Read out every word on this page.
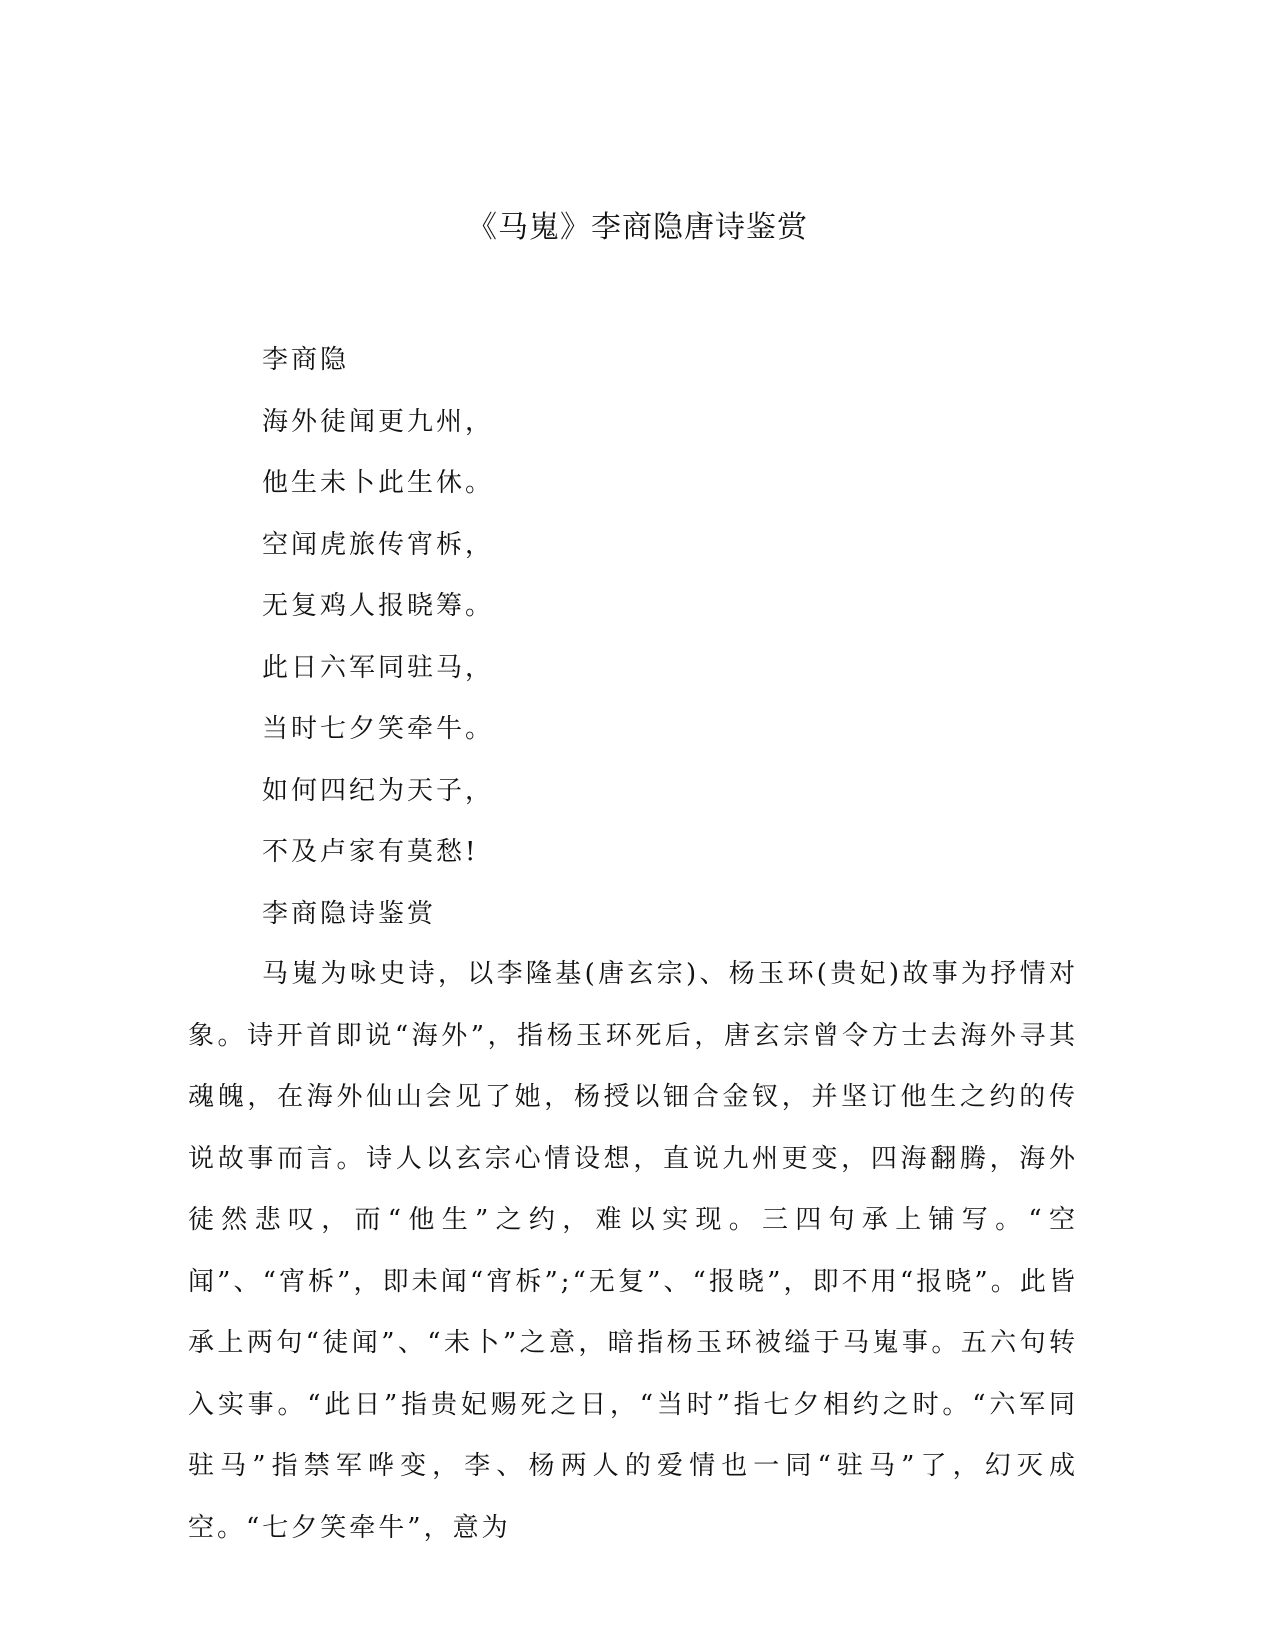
《马嵬》李商隐唐诗鉴赏
李商隐
海外徒闻更九州，
他生未卜此生休。
空闻虎旅传宵柝，
无复鸡人报晓筹。
此日六军同驻马，
当时七夕笑牵牛。
如何四纪为天子，
不及卢家有莫愁!
李商隐诗鉴赏

马嵬为咏史诗，以李隆基(唐玄宗)、杨玉环(贵妃)故事为抒情对象。诗开首即说“海外”，指杨玉环死后，唐玄宗曾令方士去海外寻其魂魄，在海外仙山会见了她，杨授以钿合金钗，并坚订他生之约的传说故事而言。诗人以玄宗心情设想，直说九州更变，四海翻腾，海外徒然悲叹，而“他生”之约，难以实现。三四句承上铺写。“空闻”、“宵柝”，即未闻“宵柝”;“无复”、“报晓”，即不用“报晓”。此皆承上两句“徒闻”、“未卜”之意，暗指杨玉环被缢于马嵬事。五六句转入实事。“此日”指贵妃赐死之日，“当时”指七夕相约之时。“六军同驻马”指禁军哗变，李、杨两人的爱情也一同“驻马”了，幻灭成空。“七夕笑牵牛”，意为
